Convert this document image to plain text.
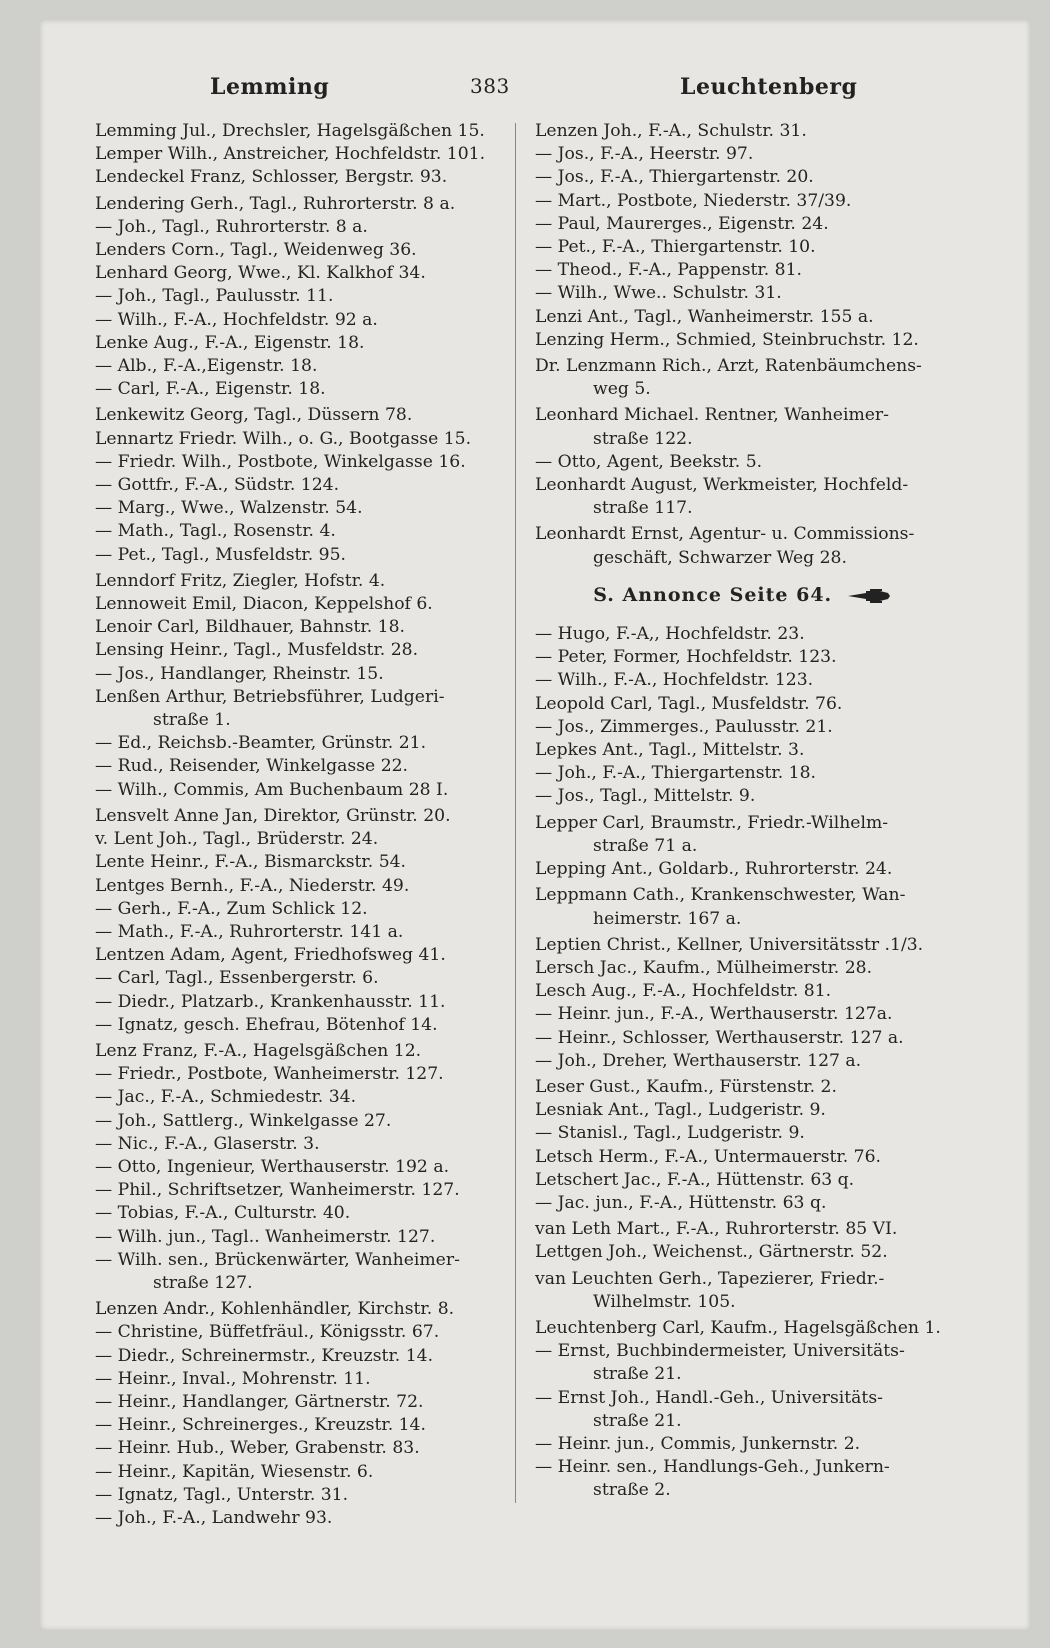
Lemming	383	Leuchtenberg
Lemming Jul., Drechsler, Hagelsgäßchen 15.
Lemper Wilh., Anstreicher, Hochfeldstr. 101.
Lendeckel Franz, Schlosser, Bergstr. 93.
Lendering Gerh., Tagl., Ruhrorterstr. 8 a.
— Joh., Tagl., Ruhrorterstr. 8 a.
Lenders Corn., Tagl., Weidenweg 36.
Lenhard Georg, Wwe., Kl. Kalkhof 34.
— Joh., Tagl., Paulusstr. 11.
— Wilh., F.-A., Hochfeldstr. 92 a.
Lenke Aug., F.-A., Eigenstr. 18.
— Alb., F.-A.,Eigenstr. 18.
— Carl, F.-A., Eigenstr. 18.
Lenkewitz Georg, Tagl., Düssern 78.
Lennartz Friedr. Wilh., o. G., Bootgasse 15.
— Friedr. Wilh., Postbote, Winkelgasse 16.
— Gottfr., F.-A., Südstr. 124.
— Marg., Wwe., Walzenstr. 54.
— Math., Tagl., Rosenstr. 4.
— Pet., Tagl., Musfeldstr. 95.
Lenndorf Fritz, Ziegler, Hofstr. 4.
Lennoweit Emil, Diacon, Keppelshof 6.
Lenoir Carl, Bildhauer, Bahnstr. 18.
Lensing Heinr., Tagl., Musfeldstr. 28.
— Jos., Handlanger, Rheinstr. 15.
Lenßen Arthur, Betriebsführer, Ludgeri-
straße 1.
— Ed., Reichsb.-Beamter, Grünstr. 21.
— Rud., Reisender, Winkelgasse 22.
— Wilh., Commis, Am Buchenbaum 28 I.
Lensvelt Anne Jan, Direktor, Grünstr. 20.
v. Lent Joh., Tagl., Brüderstr. 24.
Lente Heinr., F.-A., Bismarckstr. 54.
Lentges Bernh., F.-A., Niederstr. 49.
— Gerh., F.-A., Zum Schlick 12.
— Math., F.-A., Ruhrorterstr. 141 a.
Lentzen Adam, Agent, Friedhofsweg 41.
— Carl, Tagl., Essenbergerstr. 6.
— Diedr., Platzarb., Krankenhausstr. 11.
— Ignatz, gesch. Ehefrau, Bötenhof 14.
Lenz Franz, F.-A., Hagelsgäßchen 12.
— Friedr., Postbote, Wanheimerstr. 127.
— Jac., F.-A., Schmiedestr. 34.
— Joh., Sattlerg., Winkelgasse 27.
— Nic., F.-A., Glaserstr. 3.
— Otto, Ingenieur, Werthauserstr. 192 a.
— Phil., Schriftsetzer, Wanheimerstr. 127.
— Tobias, F.-A., Culturstr. 40.
— Wilh. jun., Tagl.. Wanheimerstr. 127.
— Wilh. sen., Brückenwärter, Wanheimer-
straße 127.
Lenzen Andr., Kohlenhändler, Kirchstr. 8.
— Christine, Büffetfräul., Königsstr. 67.
— Diedr., Schreinermstr., Kreuzstr. 14.
— Heinr., Inval., Mohrenstr. 11.
— Heinr., Handlanger, Gärtnerstr. 72.
— Heinr., Schreinerges., Kreuzstr. 14.
— Heinr. Hub., Weber, Grabenstr. 83.
— Heinr., Kapitän, Wiesenstr. 6.
— Ignatz, Tagl., Unterstr. 31.
— Joh., F.-A., Landwehr 93.
Lenzen Joh., F.-A., Schulstr. 31.
— Jos., F.-A., Heerstr. 97.
— Jos., F.-A., Thiergartenstr. 20.
— Mart., Postbote, Niederstr. 37/39.
— Paul, Maurerges., Eigenstr. 24.
— Pet., F.-A., Thiergartenstr. 10.
— Theod., F.-A., Pappenstr. 81.
— Wilh., Wwe.. Schulstr. 31.
Lenzi Ant., Tagl., Wanheimerstr. 155 a.
Lenzing Herm., Schmied, Steinbruchstr. 12.
Dr. Lenzmann Rich., Arzt, Ratenbäumchens-
weg 5.
Leonhard Michael. Rentner, Wanheimer-
straße 122.
— Otto, Agent, Beekstr. 5.
Leonhardt August, Werkmeister, Hochfeld-
straße 117.
Leonhardt Ernst, Agentur- u. Commissions-
geschäft, Schwarzer Weg 28.
S. Annonce Seite 64.
— Hugo, F.-A,, Hochfeldstr. 23.
— Peter, Former, Hochfeldstr. 123.
— Wilh., F.-A., Hochfeldstr. 123.
Leopold Carl, Tagl., Musfeldstr. 76.
— Jos., Zimmerges., Paulusstr. 21.
Lepkes Ant., Tagl., Mittelstr. 3.
— Joh., F.-A., Thiergartenstr. 18.
— Jos., Tagl., Mittelstr. 9.
Lepper Carl, Braumstr., Friedr.-Wilhelm-
straße 71 a.
Lepping Ant., Goldarb., Ruhrorterstr. 24.
Leppmann Cath., Krankenschwester, Wan-
heimerstr. 167 a.
Leptien Christ., Kellner, Universitätsstr .1/3.
Lersch Jac., Kaufm., Mülheimerstr. 28.
Lesch Aug., F.-A., Hochfeldstr. 81.
— Heinr. jun., F.-A., Werthauserstr. 127a.
— Heinr., Schlosser, Werthauserstr. 127 a.
— Joh., Dreher, Werthauserstr. 127 a.
Leser Gust., Kaufm., Fürstenstr. 2.
Lesniak Ant., Tagl., Ludgeristr. 9.
— Stanisl., Tagl., Ludgeristr. 9.
Letsch Herm., F.-A., Untermauerstr. 76.
Letschert Jac., F.-A., Hüttenstr. 63 q.
— Jac. jun., F.-A., Hüttenstr. 63 q.
van Leth Mart., F.-A., Ruhrorterstr. 85 VI.
Lettgen Joh., Weichenst., Gärtnerstr. 52.
van Leuchten Gerh., Tapezierer, Friedr.-
Wilhelmstr. 105.
Leuchtenberg Carl, Kaufm., Hagelsgäßchen 1.
— Ernst, Buchbindermeister, Universitäts-
straße 21.
— Ernst Joh., Handl.-Geh., Universitäts-
straße 21.
— Heinr. jun., Commis, Junkernstr. 2.
— Heinr. sen., Handlungs-Geh., Junkern-
straße 2.
